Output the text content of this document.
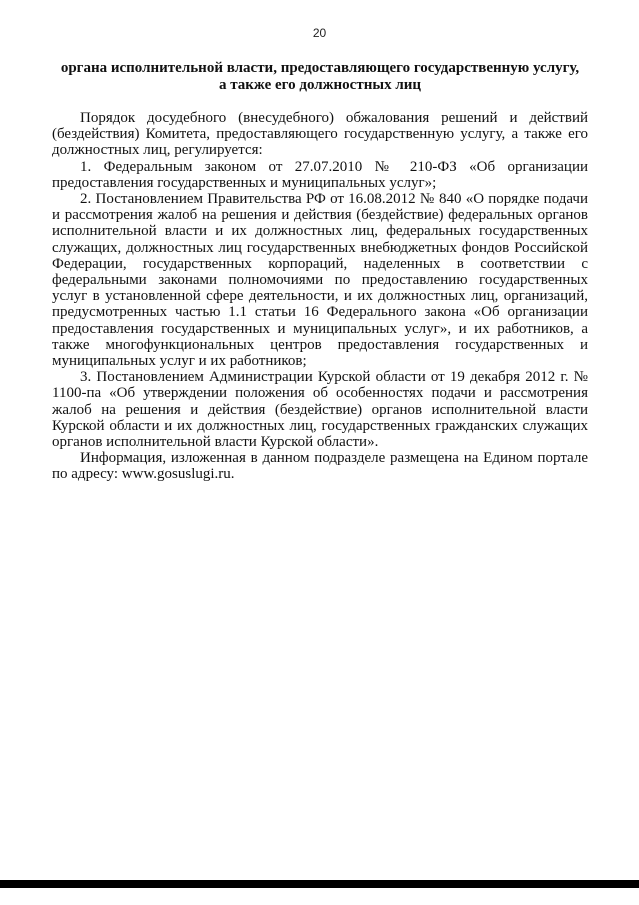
20
органа исполнительной власти, предоставляющего государственную услугу,
а также его должностных лиц

Порядок досудебного (внесудебного) обжалования решений и действий (бездействия) Комитета, предоставляющего государственную услугу, а также его должностных лиц, регулируется:

1. Федеральным законом от 27.07.2010 № 210-ФЗ «Об организации предоставления государственных и муниципальных услуг»;

2. Постановлением Правительства РФ от 16.08.2012 № 840 «О порядке подачи и рассмотрения жалоб на решения и действия (бездействие) федеральных органов исполнительной власти и их должностных лиц, федеральных государственных служащих, должностных лиц государственных внебюджетных фондов Российской Федерации, государственных корпораций, наделенных в соответствии с федеральными законами полномочиями по предоставлению государственных услуг в установленной сфере деятельности, и их должностных лиц, организаций, предусмотренных частью 1.1 статьи 16 Федерального закона «Об организации предоставления государственных и муниципальных услуг», и их работников, а также многофункциональных центров предоставления государственных и муниципальных услуг и их работников;

3. Постановлением Администрации Курской области от 19 декабря 2012 г. № 1100-па «Об утверждении положения об особенностях подачи и рассмотрения жалоб на решения и действия (бездействие) органов исполнительной власти Курской области и их должностных лиц, государственных гражданских служащих органов исполнительной власти Курской области».

Информация, изложенная в данном подразделе размещена на Едином портале по адресу: www.gosuslugi.ru.
